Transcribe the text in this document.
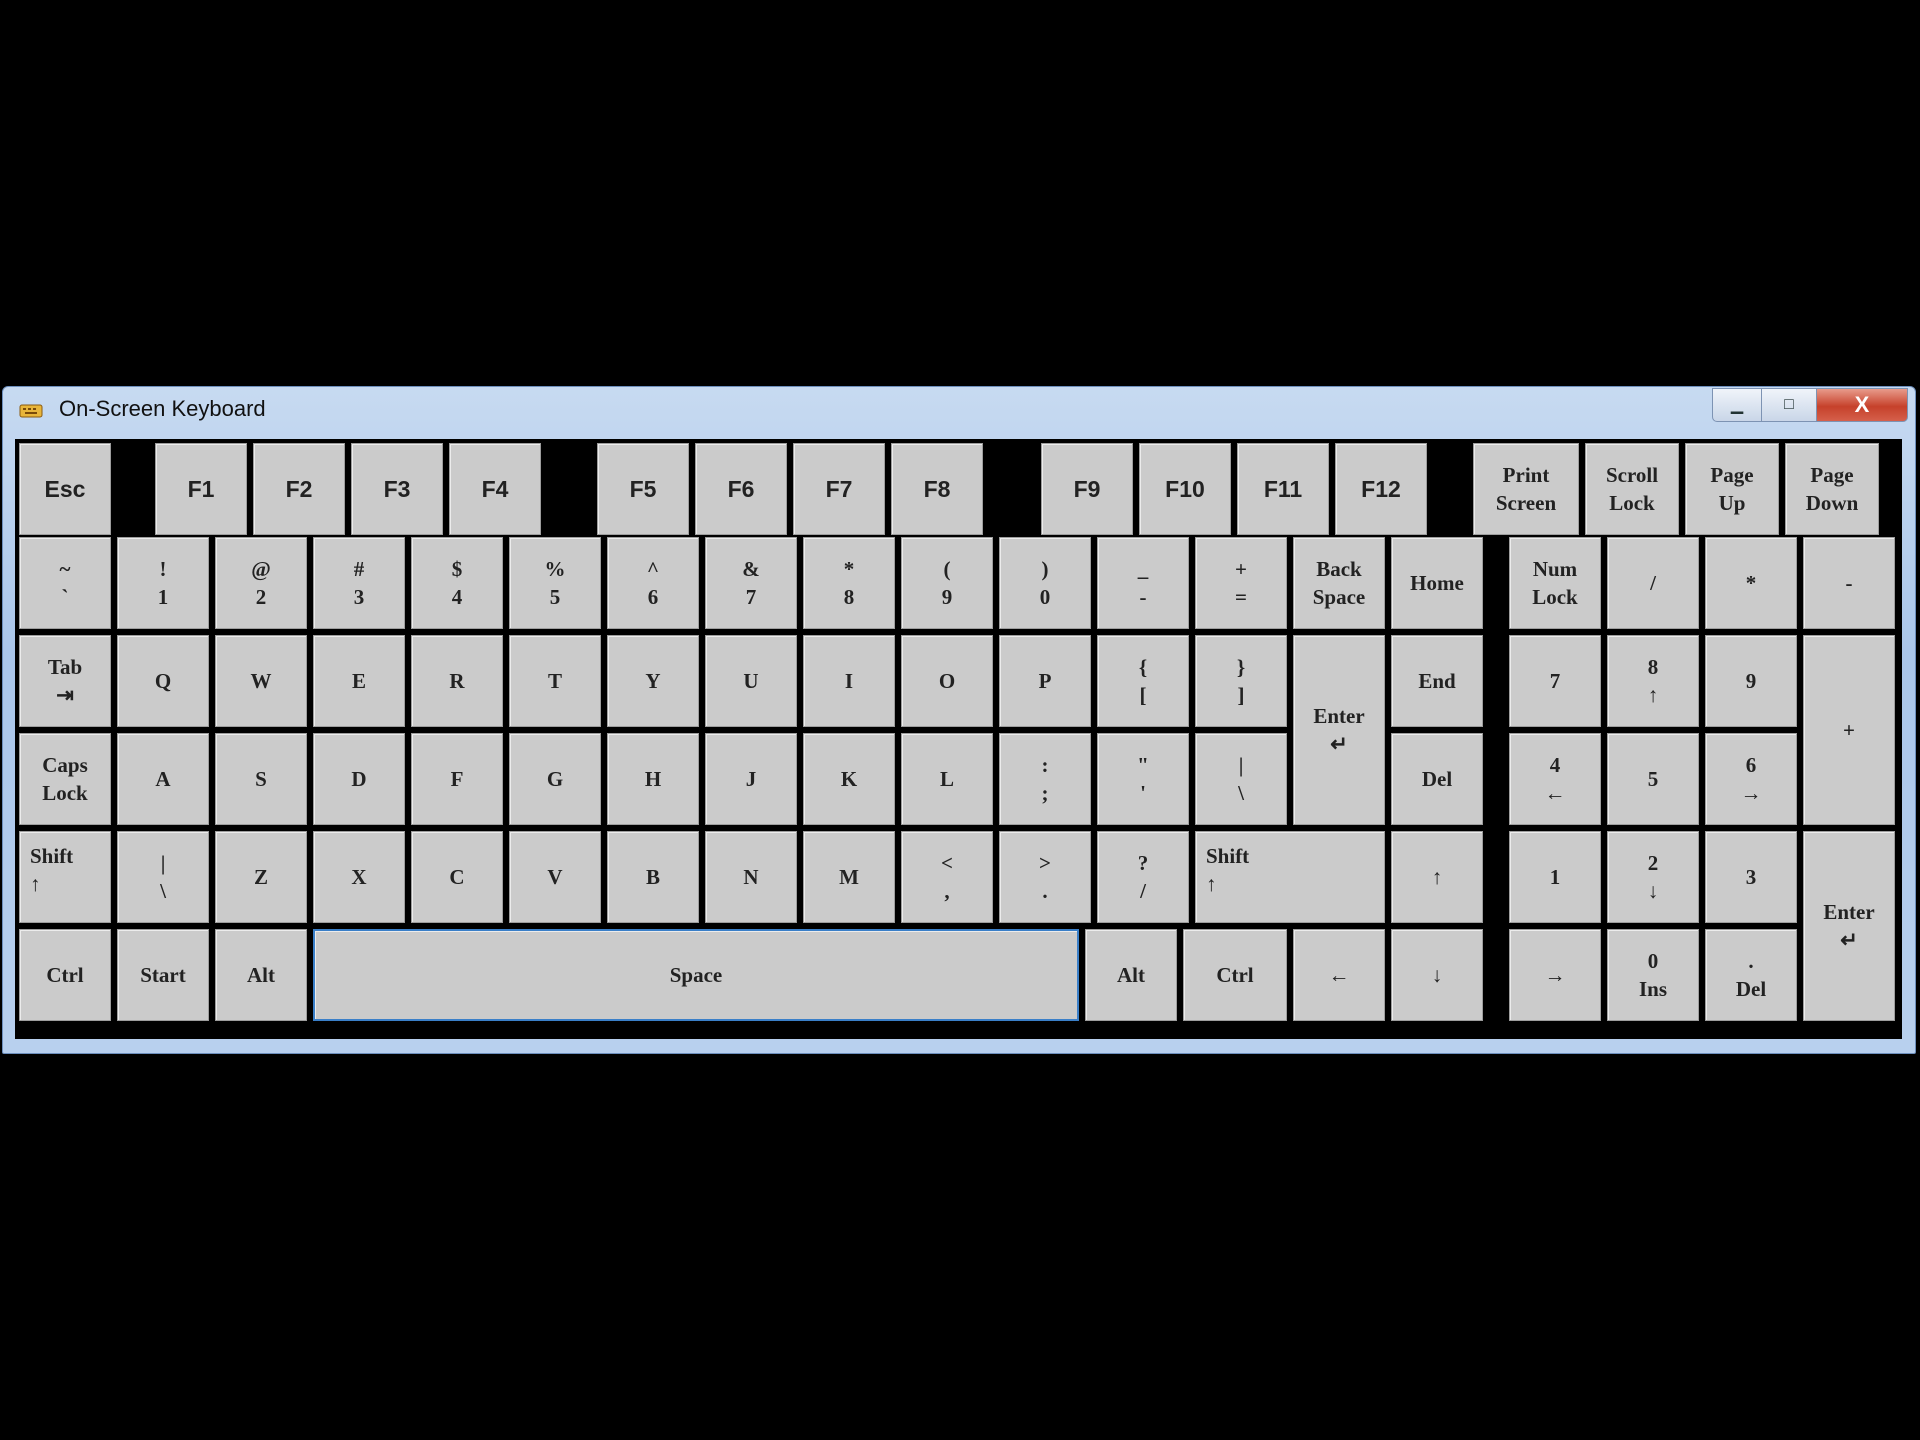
On-Screen Keyboard	▁	□	X
Esc	F1	F2	F3	F4	F5	F6	F7	F8	F9	F10	F11	F12
Print
Screen
Scroll
Lock
Page
Up
Page
Down
~
`
!
1
@
2
#
3
$
4
%
5
^
6
&
7
*
8
(
9
)
0
_
-
+
=
Back
Space
Home
Num
Lock
/	*	-
Tab
⇥
Q	W	E	R	T	Y	U	I	O	P
{
[
}
]
Enter
↵
End	7
8
↑
9
+
Caps
Lock
A	S	D	F	G	H	J	K	L
:
;
"
'
|
\
Del
4
←
5
6
→
Shift
↑
|
\
Z	X	C	V	B	N	M
<
,
>
.
?
/
Shift
↑	↑	1
2
↓
3
Enter
↵
Ctrl	Start	Alt	Space	Alt	Ctrl	←	↓	→
0
Ins
.
Del
